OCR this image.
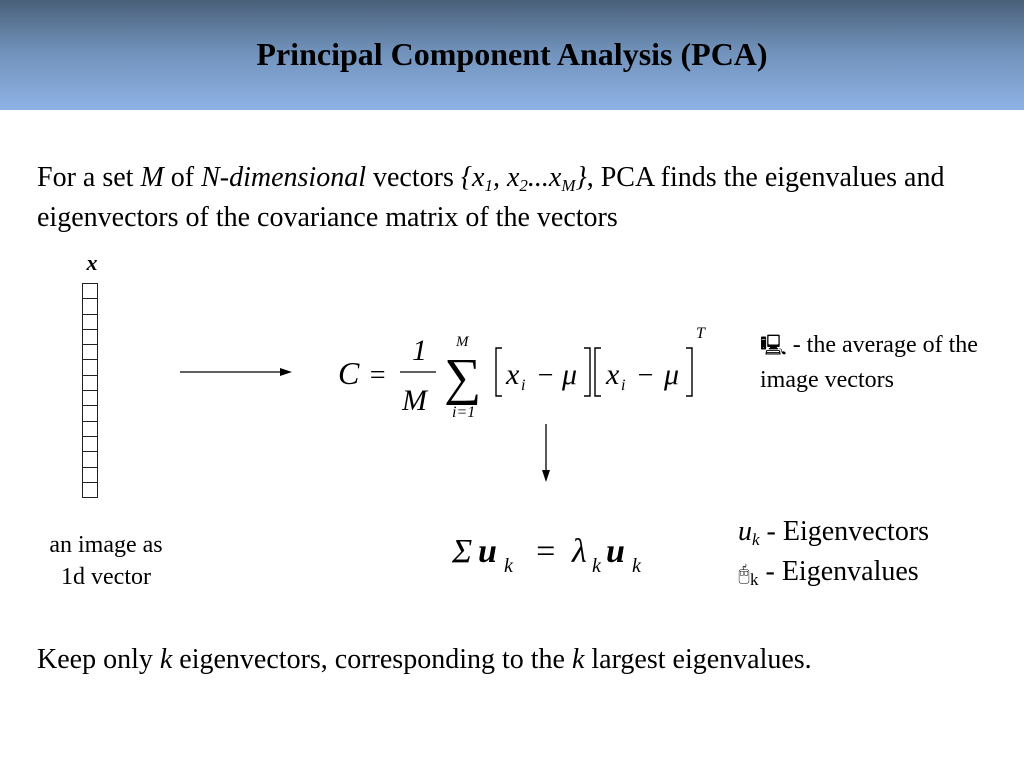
Principal Component Analysis (PCA)
For a set M of N-dimensional vectors {$x_1$, $x_2...x_M$}, PCA finds the eigenvalues and eigenvectors of the covariance matrix of the vectors
x
an image as
1d vector
C =
1
M
M
∑
i=1
x i − μ x i − μ
T
🖳 - the average of the image vectors
Σ u k = λ k u k
$u_k$ - Eigenvectors
$🖰_k$ - Eigenvalues
Keep only k eigenvectors, corresponding to the k largest eigenvalues.
